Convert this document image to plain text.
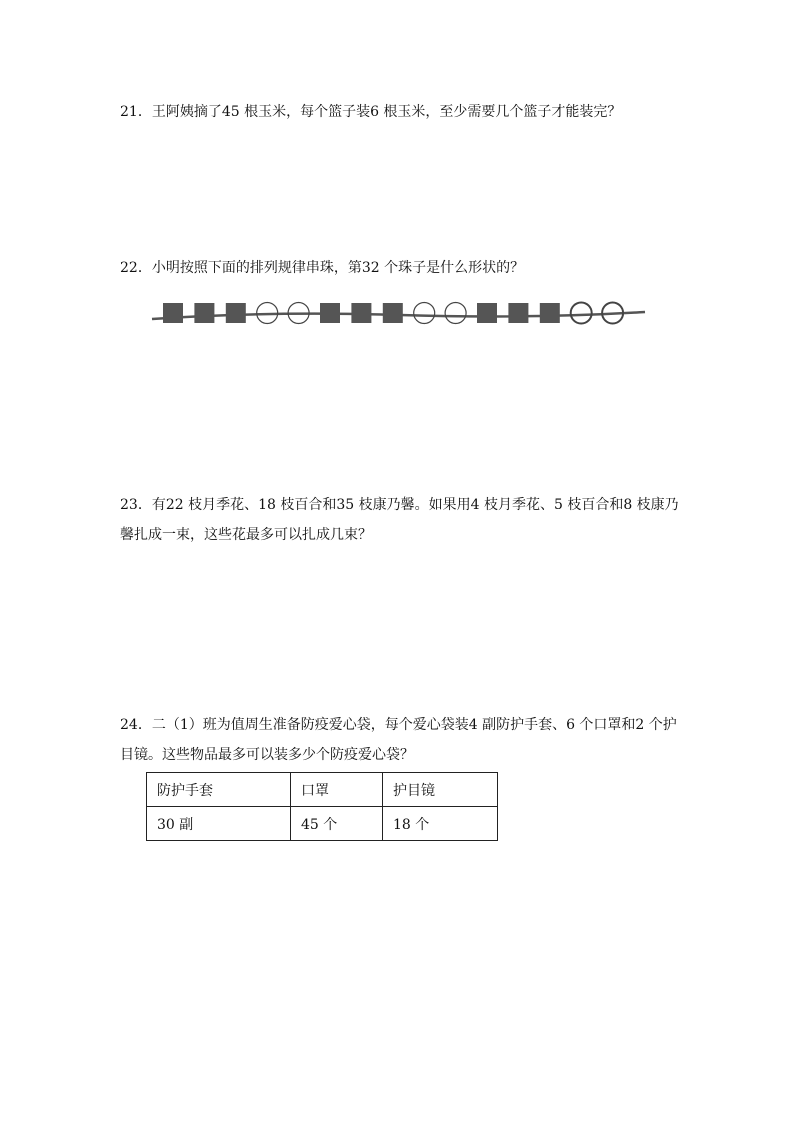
21．王阿姨摘了45 根玉米，每个篮子装6 根玉米，至少需要几个篮子才能装完？

22．小明按照下面的排列规律串珠，第32 个珠子是什么形状的？

23．有22 枝月季花、18 枝百合和35 枝康乃馨。如果用4 枝月季花、5 枝百合和8 枝康乃馨扎成一束，这些花最多可以扎成几束？

24．二（1）班为值周生准备防疫爱心袋，每个爱心袋装4 副防护手套、6 个口罩和2 个护目镜。这些物品最多可以装多少个防疫爱心袋？

防护手套	口罩	护目镜
30 副	45 个	18 个
